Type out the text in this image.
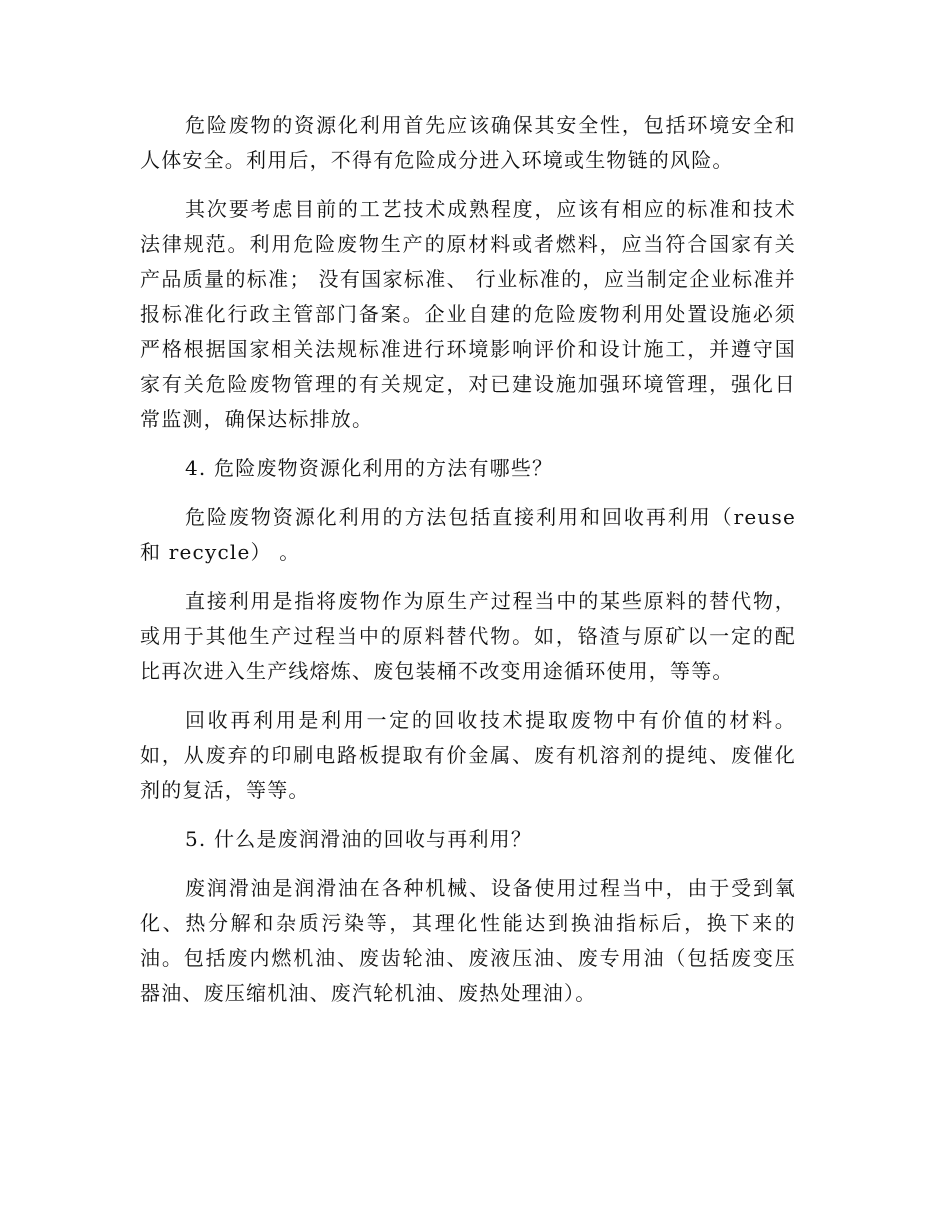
危险废物的资源化利用首先应该确保其安全性，包括环境安全和人体安全。利用后，不得有危险成分进入环境或生物链的风险。

其次要考虑目前的工艺技术成熟程度，应该有相应的标准和技术法律规范。利用危险废物生产的原材料或者燃料，应当符合国家有关产品质量的标准； 没有国家标准、 行业标准的，应当制定企业标准并报标准化行政主管部门备案。企业自建的危险废物利用处置设施必须严格根据国家相关法规标准进行环境影响评价和设计施工，并遵守国家有关危险废物管理的有关规定，对已建设施加强环境管理，强化日常监测，确保达标排放。

4. 危险废物资源化利用的方法有哪些？

危险废物资源化利用的方法包括直接利用和回收再利用（reuse 和 recycle） 。

直接利用是指将废物作为原生产过程当中的某些原料的替代物，或用于其他生产过程当中的原料替代物。如，铬渣与原矿以一定的配比再次进入生产线熔炼、废包装桶不改变用途循环使用，等等。

回收再利用是利用一定的回收技术提取废物中有价值的材料。如，从废弃的印刷电路板提取有价金属、废有机溶剂的提纯、废催化剂的复活，等等。

5. 什么是废润滑油的回收与再利用？

废润滑油是润滑油在各种机械、设备使用过程当中，由于受到氧化、热分解和杂质污染等，其理化性能达到换油指标后，换下来的油。包括废内燃机油、废齿轮油、废液压油、废专用油（包括废变压器油、废压缩机油、废汽轮机油、废热处理油）。
